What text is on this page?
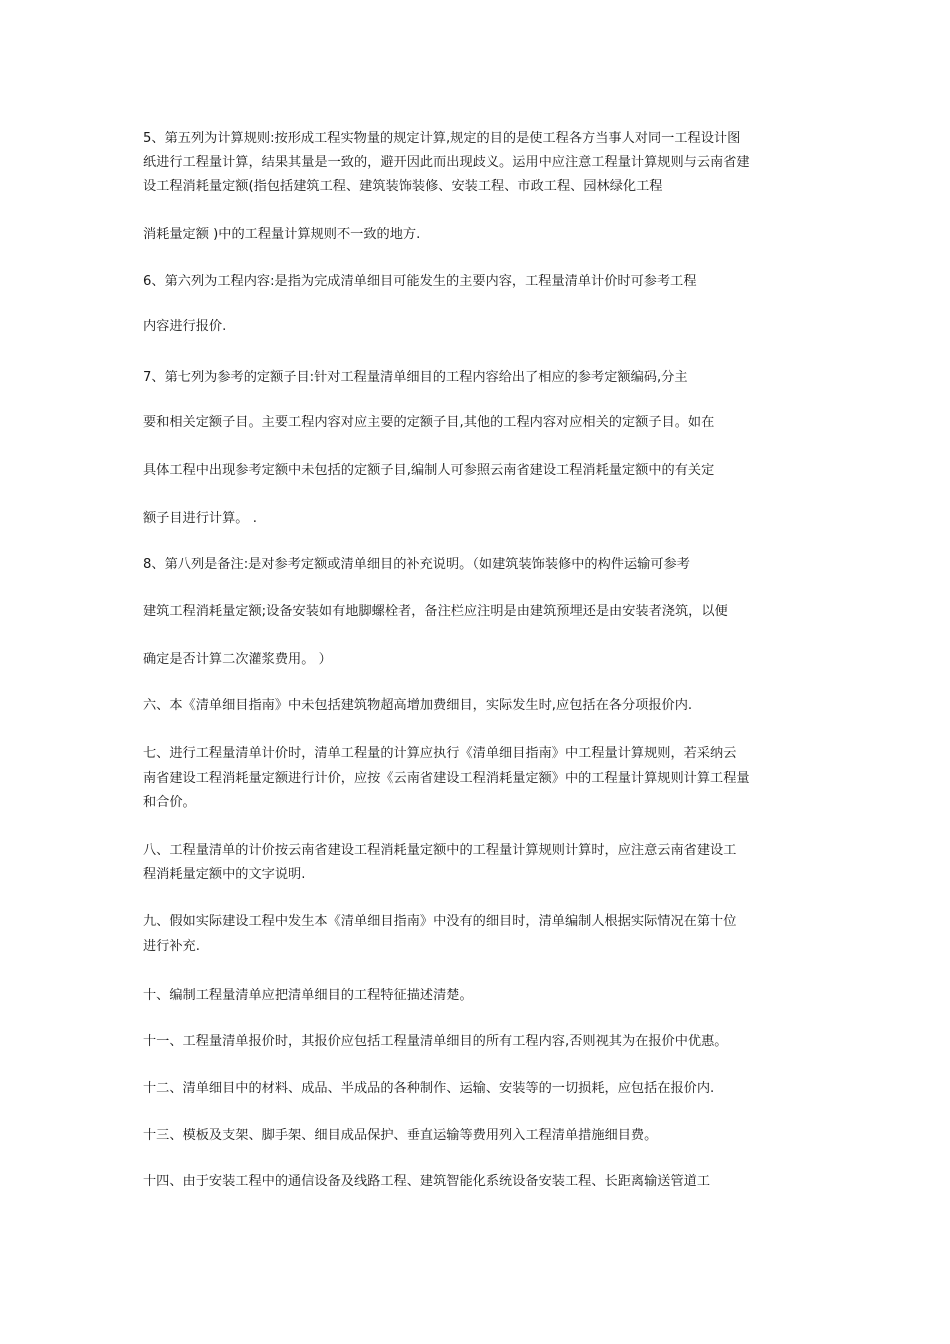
5、第五列为计算规则:按形成工程实物量的规定计算,规定的目的是使工程各方当事人对同一工程设计图
纸进行工程量计算，结果其量是一致的，避开因此而出现歧义。运用中应注意工程量计算规则与云南省建
设工程消耗量定额(指包括建筑工程、建筑装饰装修、安装工程、市政工程、园林绿化工程
消耗量定额 )中的工程量计算规则不一致的地方.
6、第六列为工程内容:是指为完成清单细目可能发生的主要内容，工程量清单计价时可参考工程
内容进行报价.
7、第七列为参考的定额子目:针对工程量清单细目的工程内容给出了相应的参考定额编码,分主
要和相关定额子目。主要工程内容对应主要的定额子目,其他的工程内容对应相关的定额子目。如在
具体工程中出现参考定额中未包括的定额子目,编制人可参照云南省建设工程消耗量定额中的有关定
额子目进行计算。 .
8、第八列是备注:是对参考定额或清单细目的补充说明。（如建筑装饰装修中的构件运输可参考
建筑工程消耗量定额;设备安装如有地脚螺栓者，备注栏应注明是由建筑预埋还是由安装者浇筑，以便
确定是否计算二次灌浆费用。 ）
六、本《清单细目指南》中未包括建筑物超高增加费细目，实际发生时,应包括在各分项报价内.
七、进行工程量清单计价时，清单工程量的计算应执行《清单细目指南》中工程量计算规则，若采纳云
南省建设工程消耗量定额进行计价，应按《云南省建设工程消耗量定额》中的工程量计算规则计算工程量
和合价。
八、工程量清单的计价按云南省建设工程消耗量定额中的工程量计算规则计算时，应注意云南省建设工
程消耗量定额中的文字说明.
九、假如实际建设工程中发生本《清单细目指南》中没有的细目时，清单编制人根据实际情况在第十位
进行补充.
十、编制工程量清单应把清单细目的工程特征描述清楚。
十一、工程量清单报价时，其报价应包括工程量清单细目的所有工程内容,否则视其为在报价中优惠。
十二、清单细目中的材料、成品、半成品的各种制作、运输、安装等的一切损耗，应包括在报价内.
十三、模板及支架、脚手架、细目成品保护、垂直运输等费用列入工程清单措施细目费。
十四、由于安装工程中的通信设备及线路工程、建筑智能化系统设备安装工程、长距离输送管道工
